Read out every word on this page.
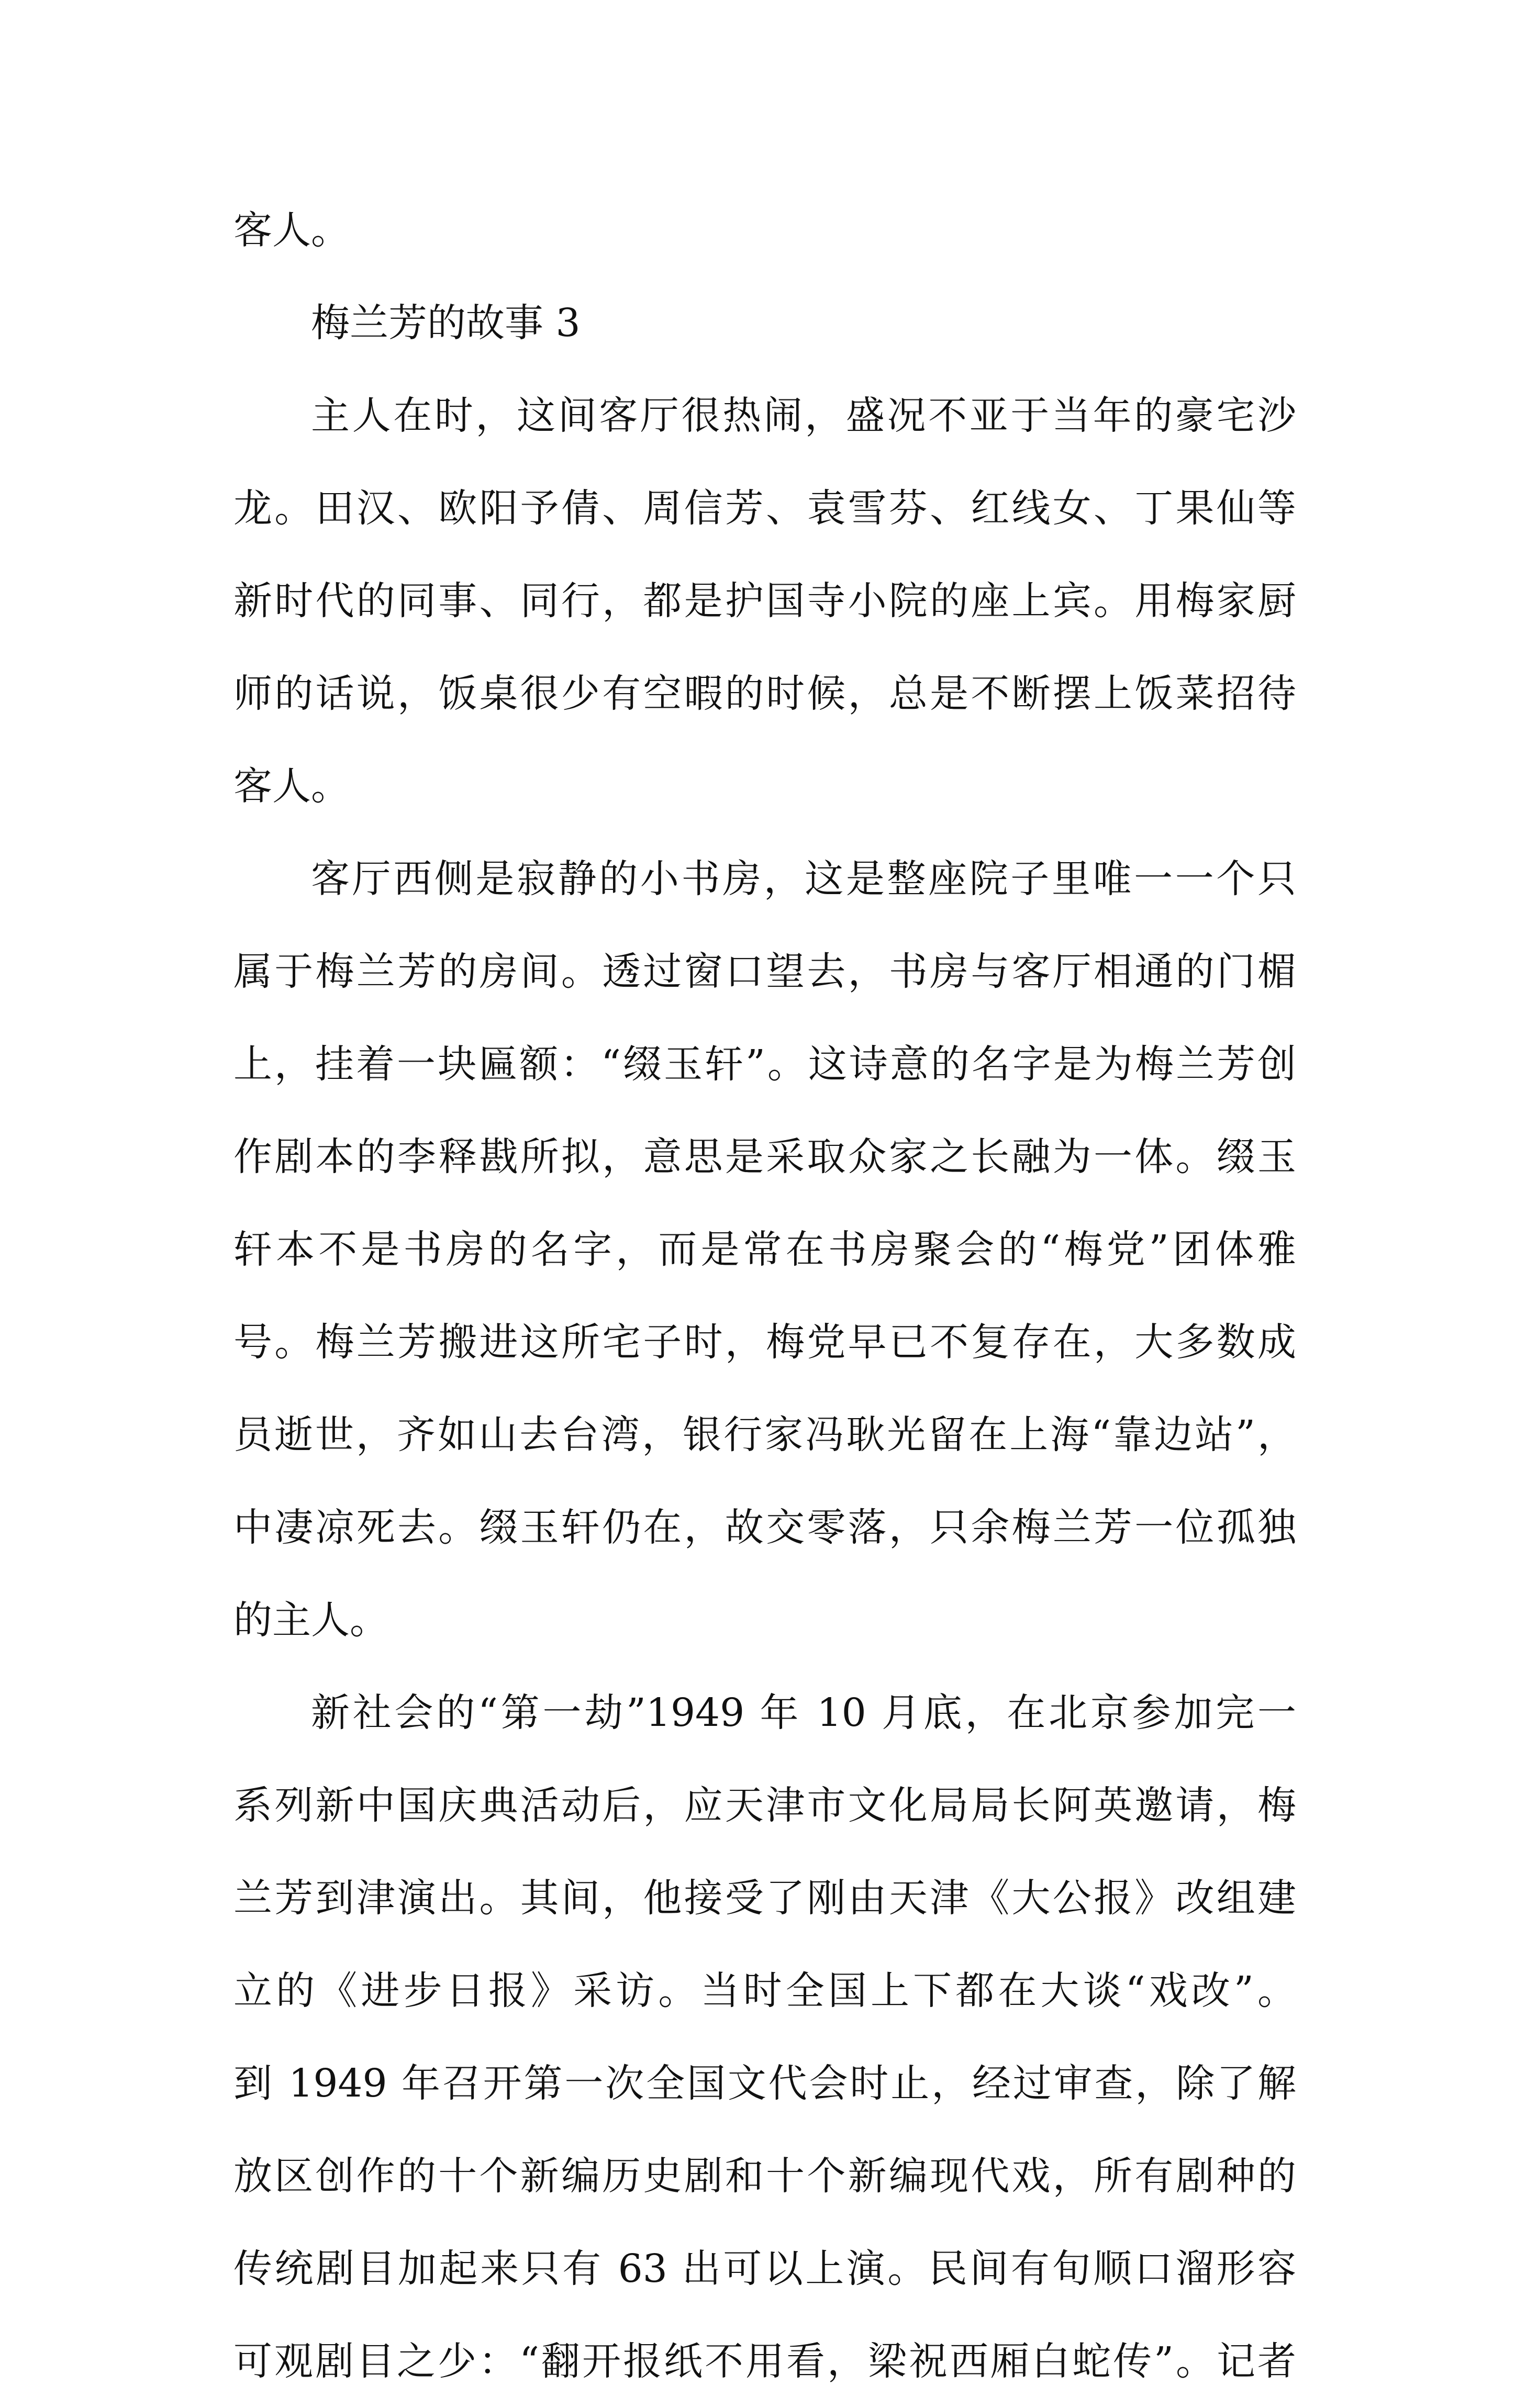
客人。
梅兰芳的故事 3
主人在时，这间客厅很热闹，盛况不亚于当年的豪宅沙
龙。田汉、欧阳予倩、周信芳、袁雪芬、红线女、丁果仙等
新时代的同事、同行，都是护国寺小院的座上宾。用梅家厨
师的话说，饭桌很少有空暇的时候，总是不断摆上饭菜招待
客人。
客厅西侧是寂静的小书房，这是整座院子里唯一一个只
属于梅兰芳的房间。透过窗口望去，书房与客厅相通的门楣
上，挂着一块匾额：“缀玉轩”。这诗意的名字是为梅兰芳创
作剧本的李释戡所拟，意思是采取众家之长融为一体。缀玉
轩本不是书房的名字，而是常在书房聚会的“梅党”团体雅
号。梅兰芳搬进这所宅子时，梅党早已不复存在，大多数成
员逝世，齐如山去台湾，银行家冯耿光留在上海“靠边站”，
中凄凉死去。缀玉轩仍在，故交零落，只余梅兰芳一位孤独
的主人。
新社会的“第一劫”1949 年 10 月底，在北京参加完一
系列新中国庆典活动后，应天津市文化局局长阿英邀请，梅
兰芳到津演出。其间，他接受了刚由天津《大公报》改组建
立的《进步日报》采访。当时全国上下都在大谈“戏改”。
到 1949 年召开第一次全国文代会时止，经过审查，除了解
放区创作的十个新编历史剧和十个新编现代戏，所有剧种的
传统剧目加起来只有 63 出可以上演。民间有旬顺口溜形容
可观剧目之少：“翻开报纸不用看，梁祝西厢白蛇传”。记者
